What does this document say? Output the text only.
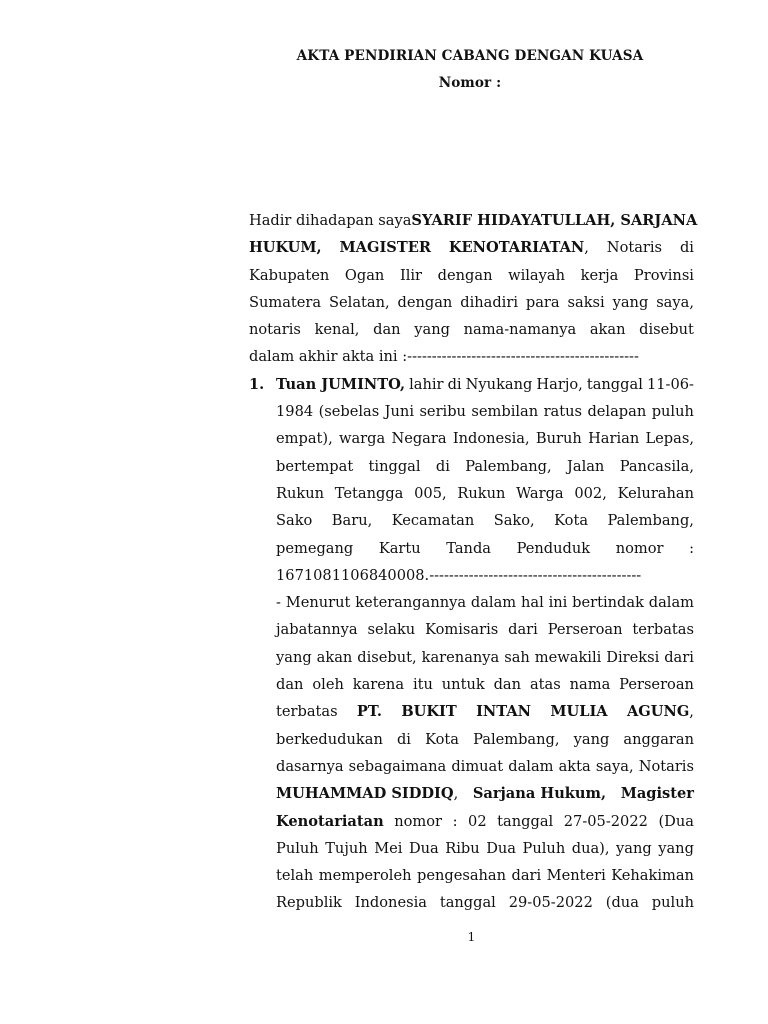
AKTA PENDIRIAN CABANG DENGAN KUASA
Nomor :
Hadir dihadapan saya SYARIF HIDAYATULLAH, SARJANA
HUKUM, MAGISTER KENOTARIATAN, Notaris di
Kabupaten Ogan Ilir dengan wilayah kerja Provinsi
Sumatera Selatan, dengan dihadiri para saksi yang saya,
notaris kenal, dan yang nama-namanya akan disebut
dalam akhir akta ini :-----------------------------------------------
1. Tuan JUMINTO, lahir di Nyukang Harjo, tanggal 11-06-
1984 (sebelas Juni seribu sembilan ratus delapan puluh
empat), warga Negara Indonesia, Buruh Harian Lepas,
bertempat tinggal di Palembang, Jalan Pancasila,
Rukun Tetangga 005, Rukun Warga 002, Kelurahan
Sako Baru, Kecamatan Sako, Kota Palembang,
pemegang Kartu Tanda Penduduk nomor :
1671081106840008.-------------------------------------------
- Menurut keterangannya dalam hal ini bertindak dalam
jabatannya selaku Komisaris dari Perseroan terbatas
yang akan disebut, karenanya sah mewakili Direksi dari
dan oleh karena itu untuk dan atas nama Perseroan
terbatas PT. BUKIT INTAN MULIA AGUNG,
berkedudukan di Kota Palembang, yang anggaran
dasarnya sebagaimana dimuat dalam akta saya, Notaris
MUHAMMAD SIDDIQ, Sarjana Hukum, Magister
Kenotariatan nomor : 02 tanggal 27-05-2022 (Dua
Puluh Tujuh Mei Dua Ribu Dua Puluh dua), yang yang
telah memperoleh pengesahan dari Menteri Kehakiman
Republik Indonesia tanggal 29-05-2022 (dua puluh
1
